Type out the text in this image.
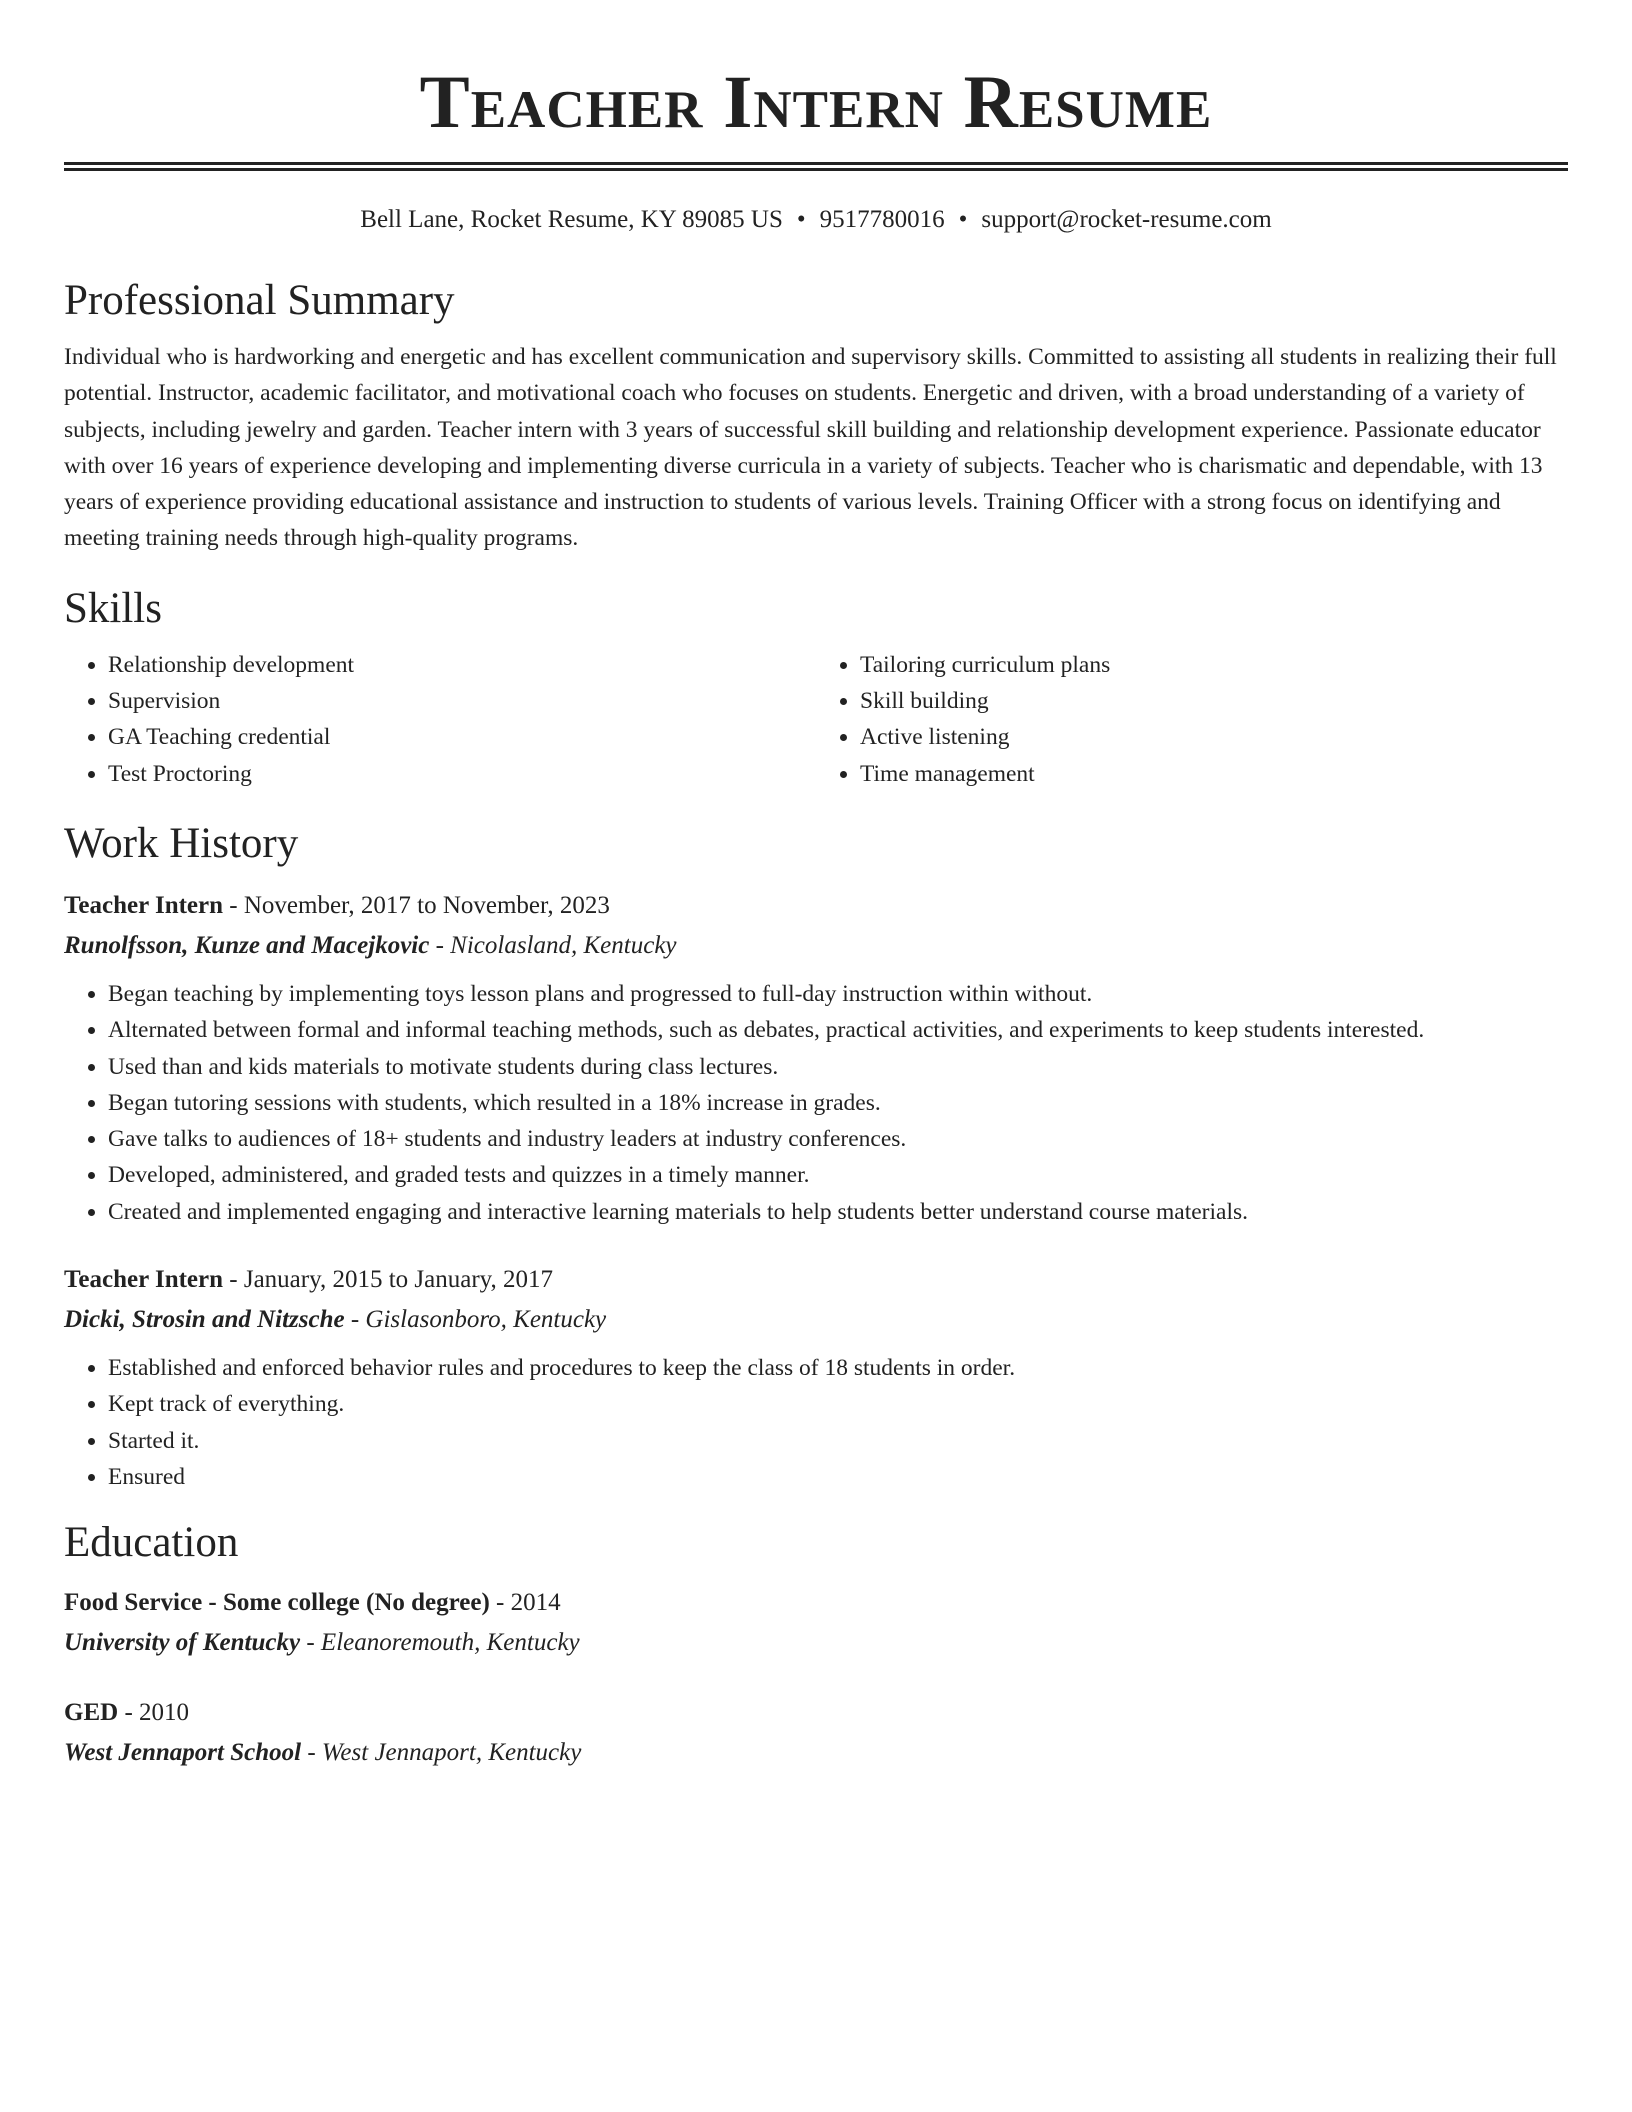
Teacher Intern Resume
Bell Lane, Rocket Resume, KY 89085 US • 9517780016 • support@rocket-resume.com
Professional Summary

Individual who is hardworking and energetic and has excellent communication and supervisory skills. Committed to assisting all students in realizing their full potential. Instructor, academic facilitator, and motivational coach who focuses on students. Energetic and driven, with a broad understanding of a variety of subjects, including jewelry and garden. Teacher intern with 3 years of successful skill building and relationship development experience. Passionate educator with over 16 years of experience developing and implementing diverse curricula in a variety of subjects. Teacher who is charismatic and dependable, with 13 years of experience providing educational assistance and instruction to students of various levels. Training Officer with a strong focus on identifying and meeting training needs through high-quality programs.

Skills
• Relationship development
• Supervision
• GA Teaching credential
• Test Proctoring
• Tailoring curriculum plans
• Skill building
• Active listening
• Time management
Work History
Teacher Intern - November, 2017 to November, 2023
Runolfsson, Kunze and Macejkovic - Nicolasland, Kentucky
• Began teaching by implementing toys lesson plans and progressed to full-day instruction within without.
• Alternated between formal and informal teaching methods, such as debates, practical activities, and experiments to keep students interested.
• Used than and kids materials to motivate students during class lectures.
• Began tutoring sessions with students, which resulted in a 18% increase in grades.
• Gave talks to audiences of 18+ students and industry leaders at industry conferences.
• Developed, administered, and graded tests and quizzes in a timely manner.
• Created and implemented engaging and interactive learning materials to help students better understand course materials.
Teacher Intern - January, 2015 to January, 2017
Dicki, Strosin and Nitzsche - Gislasonboro, Kentucky
• Established and enforced behavior rules and procedures to keep the class of 18 students in order.
• Kept track of everything.
• Started it.
• Ensured
Education
Food Service - Some college (No degree) - 2014
University of Kentucky - Eleanoremouth, Kentucky
GED - 2010
West Jennaport School - West Jennaport, Kentucky
